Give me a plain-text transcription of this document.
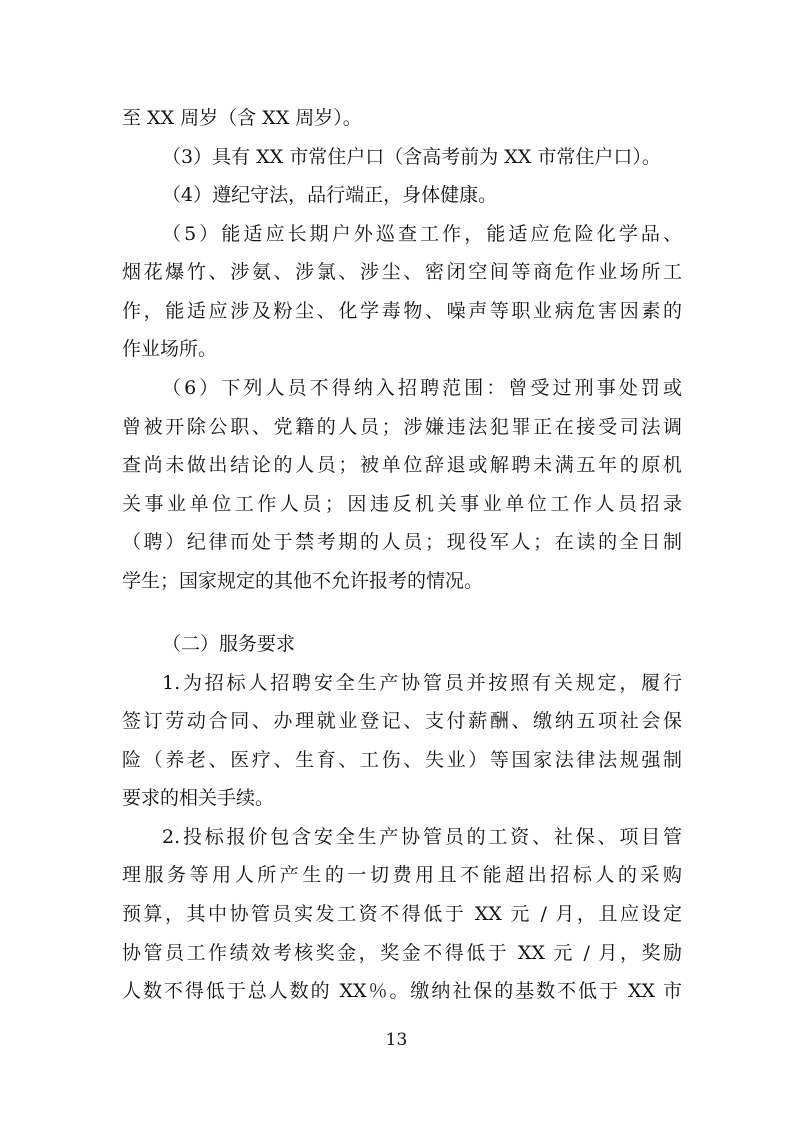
至 XX 周岁（含 XX 周岁）。
（3）具有 XX 市常住户口（含高考前为 XX 市常住户口）。
（4）遵纪守法，品行端正，身体健康。
（5）能适应长期户外巡查工作，能适应危险化学品、
烟花爆竹、涉氨、涉氯、涉尘、密闭空间等商危作业场所工
作，能适应涉及粉尘、化学毒物、噪声等职业病危害因素的
作业场所。
（6）下列人员不得纳入招聘范围：曾受过刑事处罚或
曾被开除公职、党籍的人员；涉嫌违法犯罪正在接受司法调
查尚未做出结论的人员；被单位辞退或解聘未满五年的原机
关事业单位工作人员；因违反机关事业单位工作人员招录
（聘）纪律而处于禁考期的人员；现役军人；在读的全日制
学生；国家规定的其他不允许报考的情况。
（二）服务要求
1.为招标人招聘安全生产协管员并按照有关规定，履行
签订劳动合同、办理就业登记、支付薪酬、缴纳五项社会保
险（养老、医疗、生育、工伤、失业）等国家法律法规强制
要求的相关手续。
2.投标报价包含安全生产协管员的工资、社保、项目管
理服务等用人所产生的一切费用且不能超出招标人的采购
预算，其中协管员实发工资不得低于 XX 元 / 月，且应设定
协管员工作绩效考核奖金，奖金不得低于 XX 元 / 月，奖励
人数不得低于总人数的 XX％。缴纳社保的基数不低于 XX 市
13
